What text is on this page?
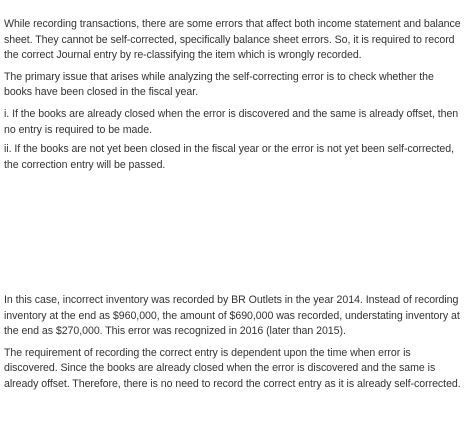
While recording transactions, there are some errors that affect both income statement and balance sheet. They cannot be self-corrected, specifically balance sheet errors. So, it is required to record the correct Journal entry by re-classifying the item which is wrongly recorded.

The primary issue that arises while analyzing the self-correcting error is to check whether the books have been closed in the fiscal year.

i. If the books are already closed when the error is discovered and the same is already offset, then no entry is required to be made.

ii. If the books are not yet been closed in the fiscal year or the error is not yet been self-corrected, the correction entry will be passed.

In this case, incorrect inventory was recorded by BR Outlets in the year 2014. Instead of recording inventory at the end as $960,000, the amount of $690,000 was recorded, understating inventory at the end as $270,000. This error was recognized in 2016 (later than 2015).

The requirement of recording the correct entry is dependent upon the time when error is discovered. Since the books are already closed when the error is discovered and the same is already offset. Therefore, there is no need to record the correct entry as it is already self-corrected.
